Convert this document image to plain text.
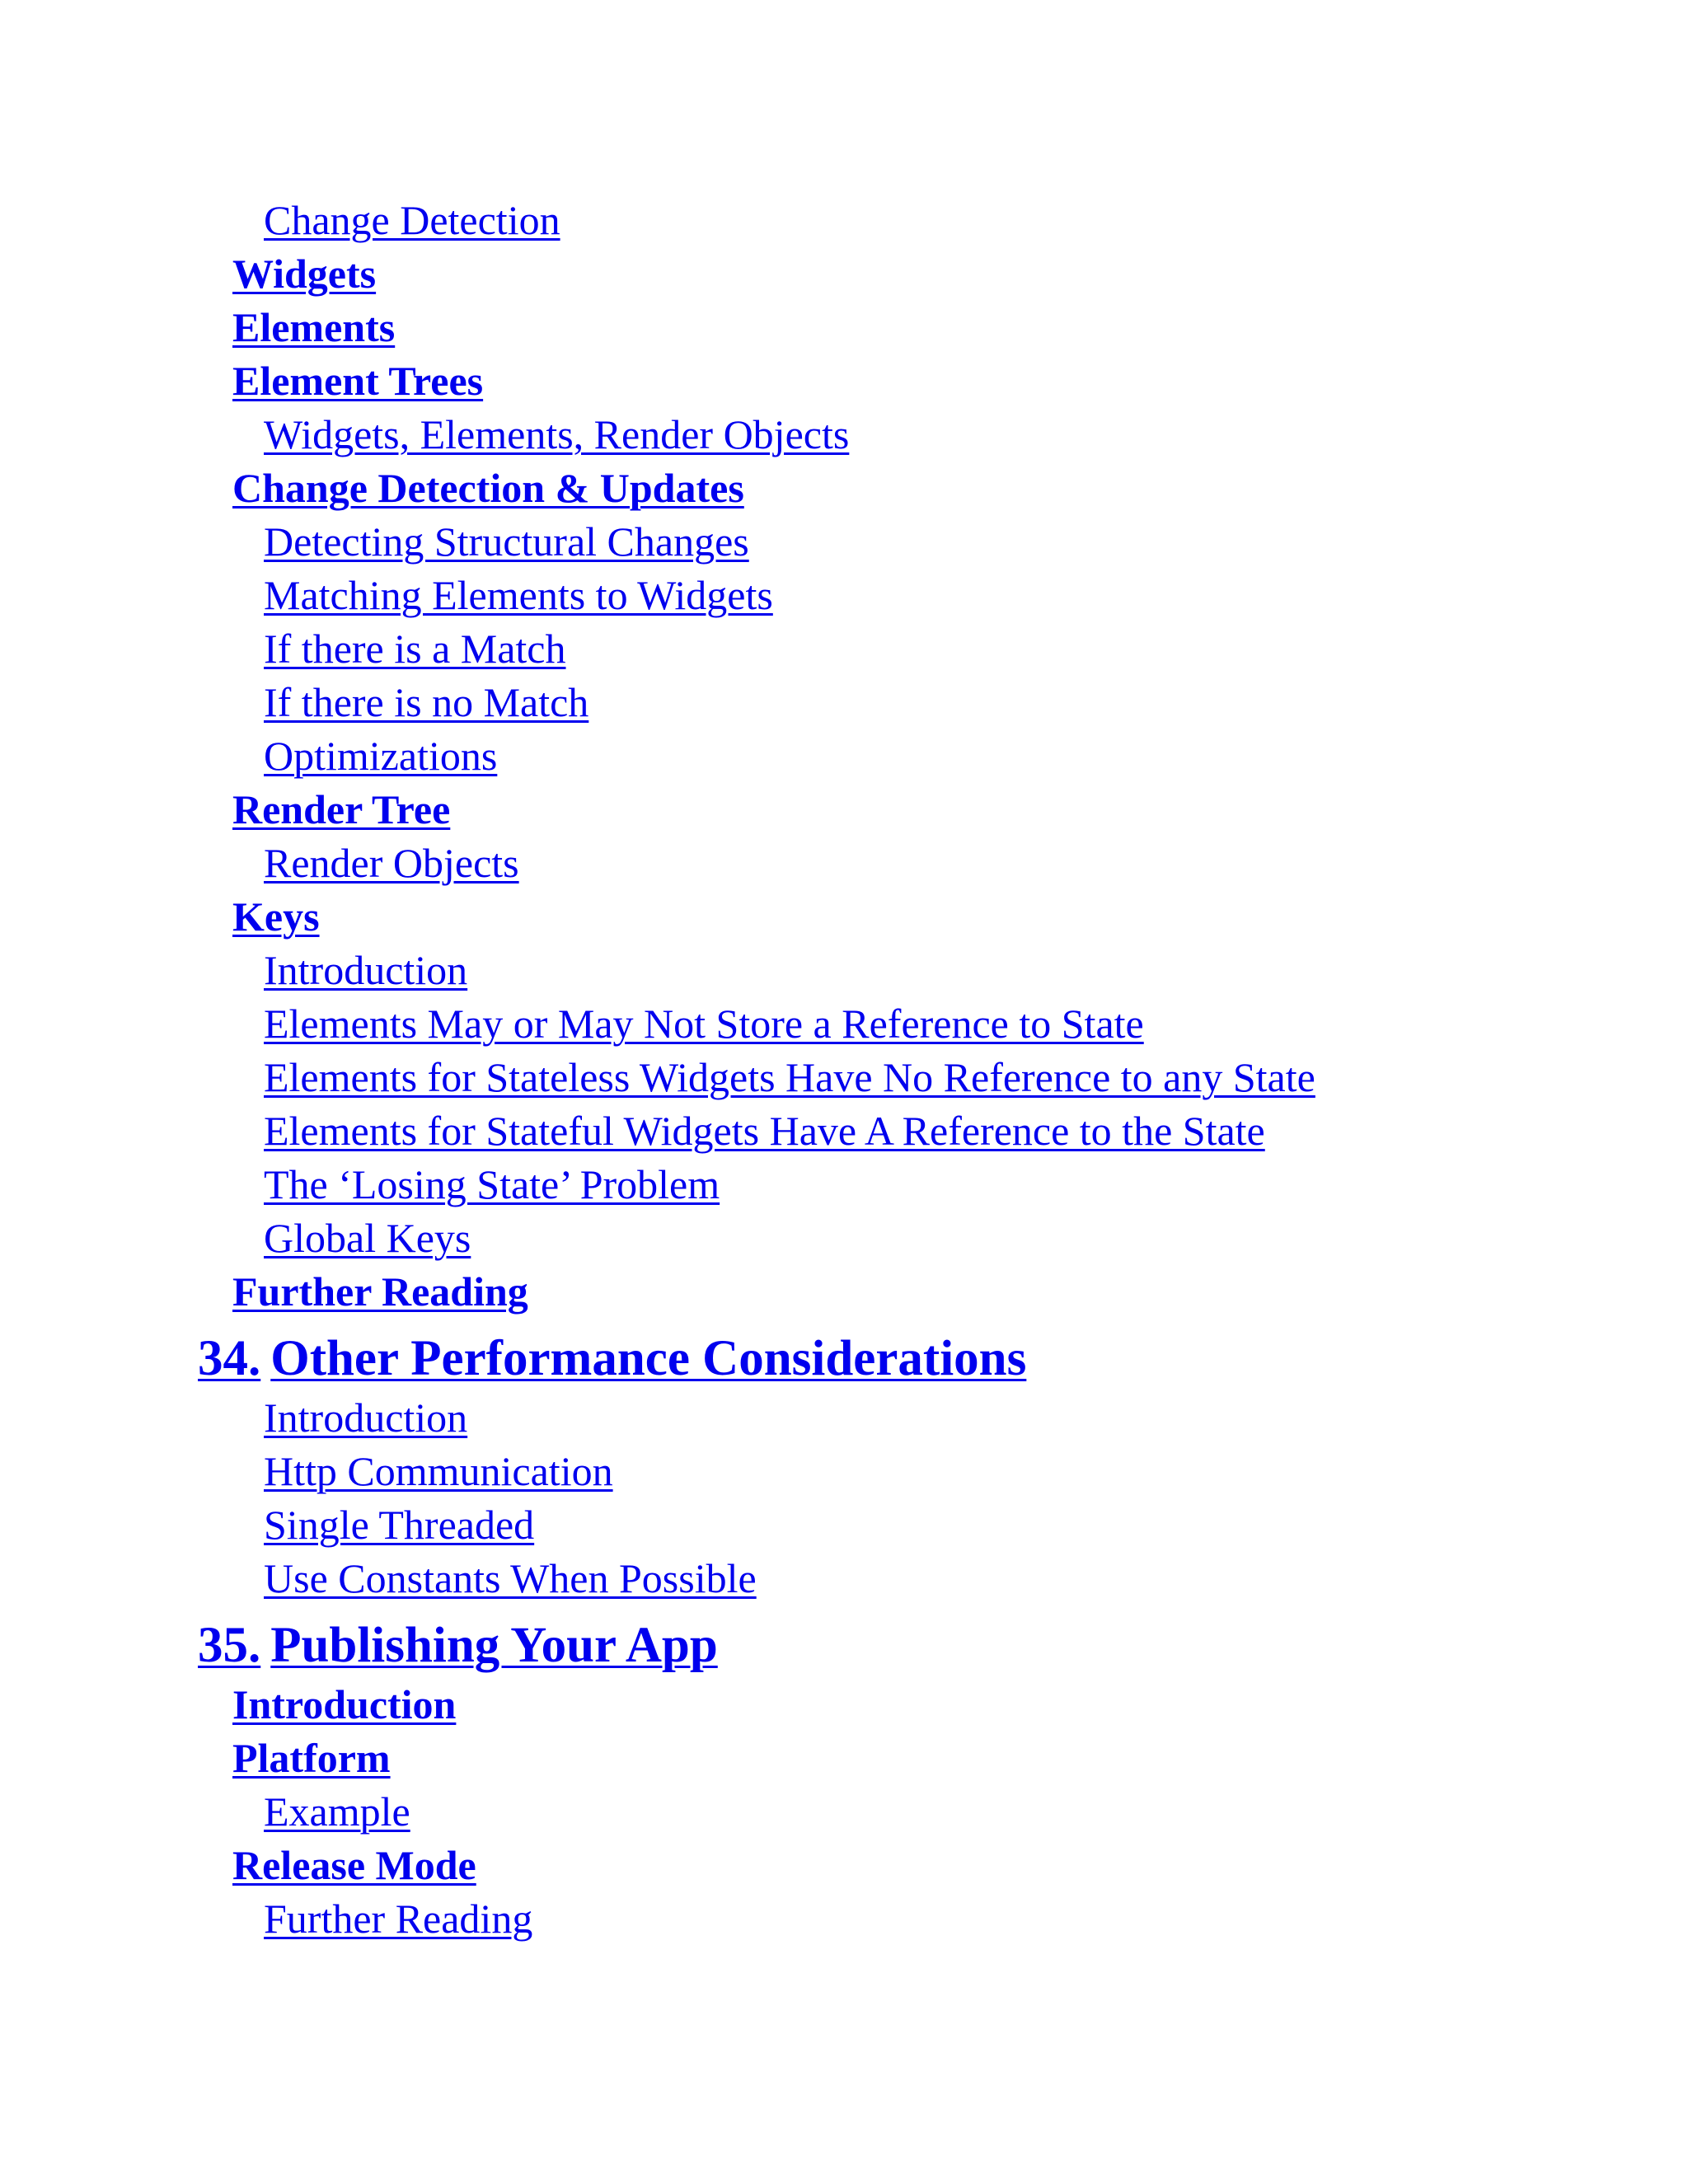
Change Detection
Widgets
Elements
Element Trees
Widgets, Elements, Render Objects
Change Detection & Updates
Detecting Structural Changes
Matching Elements to Widgets
If there is a Match
If there is no Match
Optimizations
Render Tree
Render Objects
Keys
Introduction
Elements May or May Not Store a Reference to State
Elements for Stateless Widgets Have No Reference to any State
Elements for Stateful Widgets Have A Reference to the State
The ‘Losing State’ Problem
Global Keys
Further Reading
34. Other Performance Considerations
Introduction
Http Communication
Single Threaded
Use Constants When Possible
35. Publishing Your App
Introduction
Platform
Example
Release Mode
Further Reading
